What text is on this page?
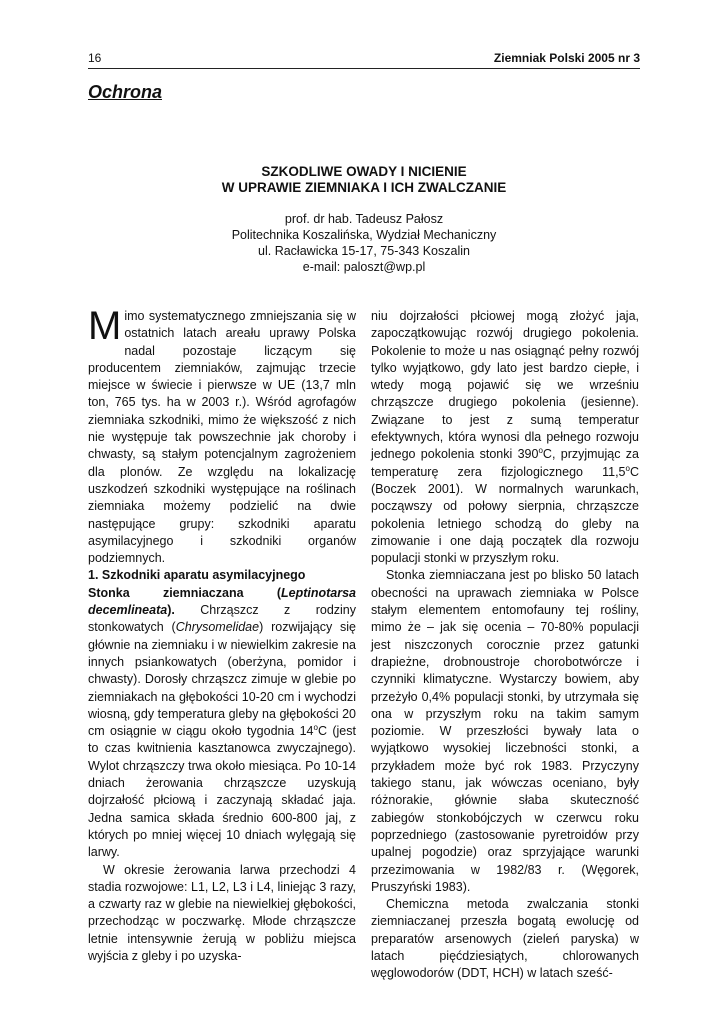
16	Ziemniak Polski 2005 nr 3
Ochrona
SZKODLIWE OWADY I NICIENIE
W UPRAWIE ZIEMNIAKA I ICH ZWALCZANIE
prof. dr hab. Tadeusz Pałosz
Politechnika Koszalińska, Wydział Mechaniczny
ul. Racławicka 15-17, 75-343 Koszalin
e-mail: paloszt@wp.pl

Mimo systematycznego zmniejszania się w ostatnich latach areału uprawy Polska nadal pozostaje liczącym się producentem ziemniaków, zajmując trzecie miejsce w świecie i pierwsze w UE (13,7 mln ton, 765 tys. ha w 2003 r.). Wśród agrofagów ziemniaka szkodniki, mimo że większość z nich nie występuje tak powszechnie jak choroby i chwasty, są stałym potencjalnym zagrożeniem dla plonów. Ze względu na lokalizację uszkodzeń szkodniki występujące na roślinach ziemniaka możemy podzielić na dwie następujące grupy: szkodniki aparatu asymilacyjnego i szkodniki organów podziemnych.

1. Szkodniki aparatu asymilacyjnego

Stonka ziemniaczana (Leptinotarsa decemlineata). Chrząszcz z rodziny stonkowatych (Chrysomelidae) rozwijający się głównie na ziemniaku i w niewielkim zakresie na innych psiankowatych (oberżyna, pomidor i chwasty). Dorosły chrząszcz zimuje w glebie po ziemniakach na głębokości 10-20 cm i wychodzi wiosną, gdy temperatura gleby na głębokości 20 cm osiągnie w ciągu około tygodnia 14$^o$C (jest to czas kwitnienia kasztanowca zwyczajnego). Wylot chrząszczy trwa około miesiąca. Po 10-14 dniach żerowania chrząszcze uzyskują dojrzałość płciową i zaczynają składać jaja. Jedna samica składa średnio 600-800 jaj, z których po mniej więcej 10 dniach wylęgają się larwy.

W okresie żerowania larwa przechodzi 4 stadia rozwojowe: L1, L2, L3 i L4, liniejąc 3 razy, a czwarty raz w glebie na niewielkiej głębokości, przechodząc w poczwarkę. Młode chrząszcze letnie intensywnie żerują w pobliżu miejsca wyjścia z gleby i po uzyska-

niu dojrzałości płciowej mogą złożyć jaja, zapoczątkowując rozwój drugiego pokolenia. Pokolenie to może u nas osiągnąć pełny rozwój tylko wyjątkowo, gdy lato jest bardzo ciepłe, i wtedy mogą pojawić się we wrześniu chrząszcze drugiego pokolenia (jesienne). Związane to jest z sumą temperatur efektywnych, która wynosi dla pełnego rozwoju jednego pokolenia stonki 390$^o$C, przyjmując za temperaturę zera fizjologicznego 11,5$^o$C (Boczek 2001). W normalnych warunkach, począwszy od połowy sierpnia, chrząszcze pokolenia letniego schodzą do gleby na zimowanie i one dają początek dla rozwoju populacji stonki w przyszłym roku.

Stonka ziemniaczana jest po blisko 50 latach obecności na uprawach ziemniaka w Polsce stałym elementem entomofauny tej rośliny, mimo że – jak się ocenia – 70-80% populacji jest niszczonych corocznie przez gatunki drapieżne, drobnoustroje chorobotwórcze i czynniki klimatyczne. Wystarczy bowiem, aby przeżyło 0,4% populacji stonki, by utrzymała się ona w przyszłym roku na takim samym poziomie. W przeszłości bywały lata o wyjątkowo wysokiej liczebności stonki, a przykładem może być rok 1983. Przyczyny takiego stanu, jak wówczas oceniano, były różnorakie, głównie słaba skuteczność zabiegów stonkobójczych w czerwcu roku poprzedniego (zastosowanie pyretroidów przy upalnej pogodzie) oraz sprzyjające warunki przezimowania w 1982/83 r. (Węgorek, Pruszyński 1983).

Chemiczna metoda zwalczania stonki ziemniaczanej przeszła bogatą ewolucję od preparatów arsenowych (zieleń paryska) w latach pięćdziesiątych, chlorowanych węglowodorów (DDT, HCH) w latach sześć-
